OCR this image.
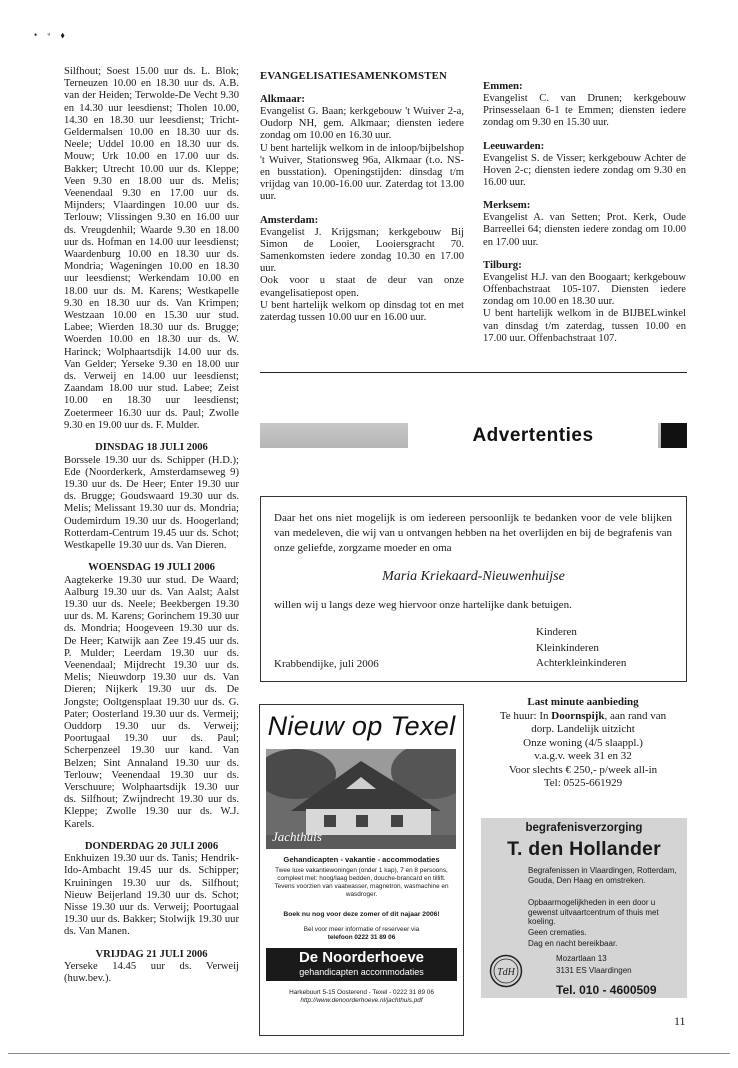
• ᵘ ⬧

Silfhout; Soest 15.00 uur ds. L. Blok; Terneuzen 10.00 en 18.30 uur ds. A.B. van der Heiden; Terwolde-De Vecht 9.30 en 14.30 uur leesdienst; Tholen 10.00, 14.30 en 18.30 uur leesdienst; Tricht-Geldermalsen 10.00 en 18.30 uur ds. Neele; Uddel 10.00 en 18.30 uur ds. Mouw; Urk 10.00 en 17.00 uur ds. Bakker; Utrecht 10.00 uur ds. Kleppe; Veen 9.30 en 18.00 uur ds. Melis; Veenendaal 9.30 en 17.00 uur ds. Mijnders; Vlaardingen 10.00 uur ds. Terlouw; Vlissingen 9.30 en 16.00 uur ds. Vreugdenhil; Waarde 9.30 en 18.00 uur ds. Hofman en 14.00 uur leesdienst; Waardenburg 10.00 en 18.30 uur ds. Mondria; Wageningen 10.00 en 18.30 uur leesdienst; Werkendam 10.00 en 18.00 uur ds. M. Karens; Westkapelle 9.30 en 18.30 uur ds. Van Krimpen; Westzaan 10.00 en 15.30 uur stud. Labee; Wierden 18.30 uur ds. Brugge; Woerden 10.00 en 18.30 uur ds. W. Harinck; Wolphaartsdijk 14.00 uur ds. Van Gelder; Yerseke 9.30 en 18.00 uur ds. Verweij en 14.00 uur leesdienst; Zaandam 18.00 uur stud. Labee; Zeist 10.00 en 18.30 uur leesdienst; Zoetermeer 16.30 uur ds. Paul; Zwolle 9.30 en 19.00 uur ds. F. Mulder.

DINSDAG 18 JULI 2006

Borssele 19.30 uur ds. Schipper (H.D.); Ede (Noorderkerk, Amsterdamseweg 9) 19.30 uur ds. De Heer; Enter 19.30 uur ds. Brugge; Goudswaard 19.30 uur ds. Melis; Melissant 19.30 uur ds. Mondria; Oudemirdum 19.30 uur ds. Hoogerland; Rotterdam-Centrum 19.45 uur ds. Schot; Westkapelle 19.30 uur ds. Van Dieren.

WOENSDAG 19 JULI 2006

Aagtekerke 19.30 uur stud. De Waard; Aalburg 19.30 uur ds. Van Aalst; Aalst 19.30 uur ds. Neele; Beekbergen 19.30 uur ds. M. Karens; Gorinchem 19.30 uur ds. Mondria; Hoogeveen 19.30 uur ds. De Heer; Katwijk aan Zee 19.45 uur ds. P. Mulder; Leerdam 19.30 uur ds. Veenendaal; Mijdrecht 19.30 uur ds. Melis; Nieuwdorp 19.30 uur ds. Van Dieren; Nijkerk 19.30 uur ds. De Jongste; Ooltgensplaat 19.30 uur ds. G. Pater; Oosterland 19.30 uur ds. Vermeij; Ouddorp 19.30 uur ds. Verweij; Poortugaal 19.30 uur ds. Paul; Scherpenzeel 19.30 uur kand. Van Belzen; Sint Annaland 19.30 uur ds. Terlouw; Veenendaal 19.30 uur ds. Verschuure; Wolphaartsdijk 19.30 uur ds. Silfhout; Zwijndrecht 19.30 uur ds. Kleppe; Zwolle 19.30 uur ds. W.J. Karels.

DONDERDAG 20 JULI 2006

Enkhuizen 19.30 uur ds. Tanis; Hendrik-Ido-Ambacht 19.45 uur ds. Schipper; Kruiningen 19.30 uur ds. Silfhout; Nieuw Beijerland 19.30 uur ds. Schot; Nisse 19.30 uur ds. Verweij; Poortugaal 19.30 uur ds. Bakker; Stolwijk 19.30 uur ds. Van Manen.

VRIJDAG 21 JULI 2006

Yerseke 14.45 uur ds. Verweij (huw.bev.).

EVANGELISATIESAMENKOMSTEN

Alkmaar:

Evangelist G. Baan; kerkgebouw 't Wuiver 2-a, Oudorp NH, gem. Alkmaar; diensten iedere zondag om 10.00 en 16.30 uur.

U bent hartelijk welkom in de inloop/bijbelshop 't Wuiver, Stationsweg 96a, Alkmaar (t.o. NS- en busstation). Openingstijden: dinsdag t/m vrijdag van 10.00-16.00 uur. Zaterdag tot 13.00 uur.

Amsterdam:

Evangelist J. Krijgsman; kerkgebouw Bij Simon de Looier, Looiersgracht 70. Samenkomsten iedere zondag 10.30 en 17.00 uur.

Ook voor u staat de deur van onze evangelisatiepost open.

U bent hartelijk welkom op dinsdag tot en met zaterdag tussen 10.00 uur en 16.00 uur.

Emmen:

Evangelist C. van Drunen; kerkgebouw Prinsesselaan 6-1 te Emmen; diensten iedere zondag om 9.30 en 15.30 uur.

Leeuwarden:

Evangelist S. de Visser; kerkgebouw Achter de Hoven 2-c; diensten iedere zondag om 9.30 en 16.00 uur.

Merksem:

Evangelist A. van Setten; Prot. Kerk, Oude Barreellei 64; diensten iedere zondag om 10.00 en 17.00 uur.

Tilburg:

Evangelist H.J. van den Boogaart; kerkgebouw Offenbachstraat 105-107. Diensten iedere zondag om 10.00 en 18.30 uur.

U bent hartelijk welkom in de BIJBELwinkel van dinsdag t/m zaterdag, tussen 10.00 en 17.00 uur. Offenbachstraat 107.

Advertenties
Daar het ons niet mogelijk is om iedereen persoonlijk te bedanken voor de vele blijken van medeleven, die wij van u ontvangen hebben na het overlijden en bij de begrafenis van onze geliefde, zorgzame moeder en oma
Maria Kriekaard-Nieuwenhuijse
willen wij u langs deze weg hiervoor onze hartelijke dank betuigen.
Kinderen
Kleinkinderen
Achterkleinkinderen
Krabbendijke, juli 2006
Nieuw op Texel
Jachthuis
Gehandicapten - vakantie - accommodaties
Twee luxe vakantiewoningen (onder 1 kap), 7 en 8 persoons, compleet met: hoog/laag bedden, douche-brancard en tillift. Tevens voorzien van vaatwasser, magnetron, wasmachine en wasdroger.
Boek nu nog voor deze zomer of dit najaar 2006!
Bel voor meer informatie of reserveer via
telefoon 0222 31 89 06
De Noorderhoeve
gehandicapten accommodaties
Harkebuurt 5-15 Oosterend - Texel - 0222 31 89 06
http://www.denoorderhoeve.nl/jachthuis.pdf
Last minute aanbieding
Te huur: In Doornspijk, aan rand van
dorp. Landelijk uitzicht
Onze woning (4/5 slaappl.)
v.a.g.v. week 31 en 32
Voor slechts € 250,- p/week all-in
Tel: 0525-661929
begrafenisverzorging
T. den Hollander
Begrafenissen in Vlaardingen, Rotterdam, Gouda, Den Haag en omstreken.
Opbaarmogelijkheden in een door u gewenst uitvaartcentrum of thuis met koeling.
Geen crematies.
Dag en nacht bereikbaar.
TdH
Mozartlaan 13
3131 ES Vlaardingen
Tel. 010 - 4600509
11
